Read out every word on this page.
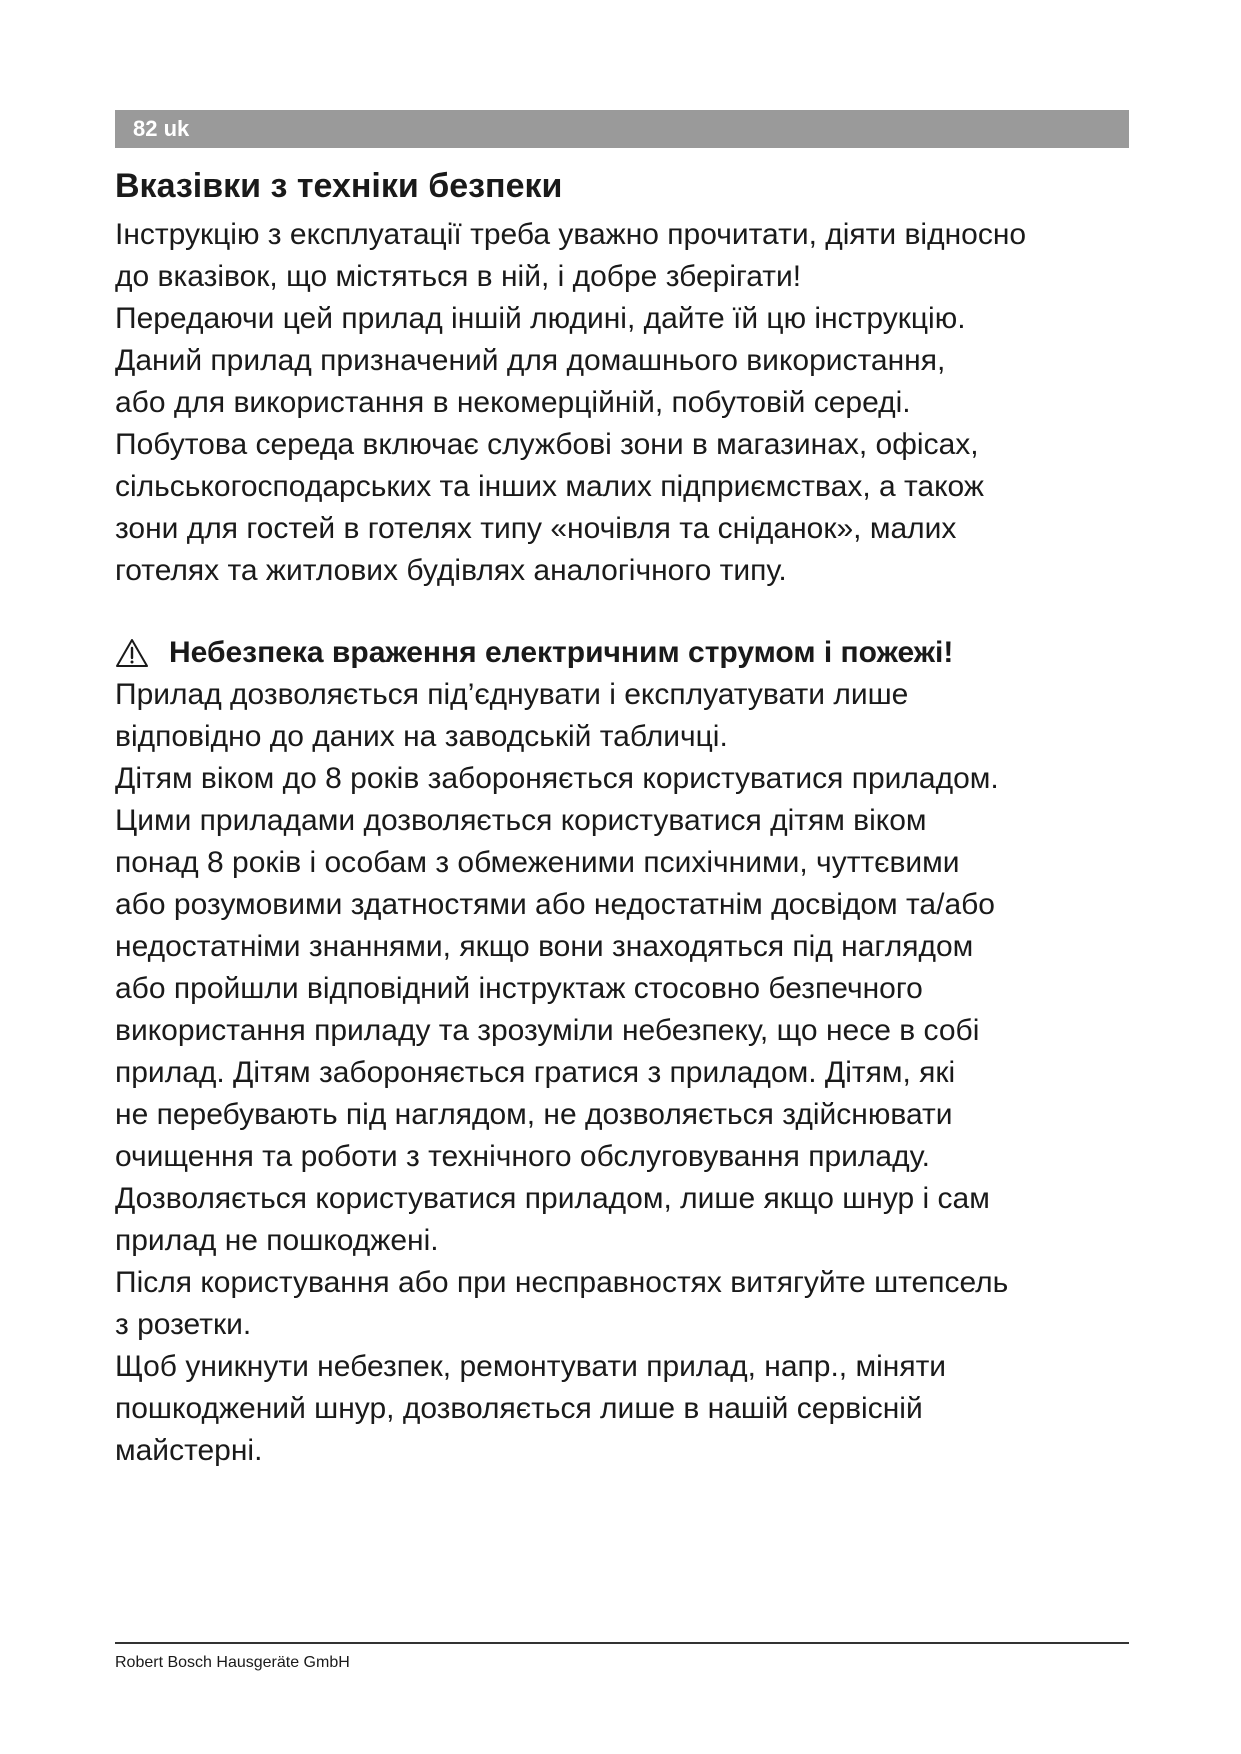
82 uk
Вказівки з техніки безпеки

Інструкцію з експлуатації треба уважно прочитати, діяти відносно
до вказівок, що містяться в ній, і добре зберігати!
Передаючи цей прилад іншій людині, дайте їй цю інструкцію.
Даний прилад призначений для домашнього використання,
або для використання в некомерційній, побутовій середі.
Побутова середа включає службові зони в магазинах, офісах,
сільськогосподарських та інших малих підприємствах, а також
зони для гостей в готелях типу «ночівля та сніданок», малих
готелях та житлових будівлях аналогічного типу.

Небезпека враження електричним струмом і пожежі!

Прилад дозволяється під’єднувати і експлуатувати лише
відповідно до даних на заводській табличці.
Дітям віком до 8 років забороняється користуватися приладом.
Цими приладами дозволяється користуватися дітям віком
понад 8 років і особам з обмеженими психічними, чуттєвими
або розумовими здатностями або недостатнім досвідом та/або
недостатніми знаннями, якщо вони знаходяться під наглядом
або пройшли відповідний інструктаж стосовно безпечного
використання приладу та зрозуміли небезпеку, що несе в собі
прилад. Дітям забороняється гратися з приладом. Дітям, які
не перебувають під наглядом, не дозволяється здійснювати
очищення та роботи з технічного обслуговування приладу.
Дозволяється користуватися приладом, лише якщо шнур і сам
прилад не пошкоджені.
Після користування або при несправностях витягуйте штепсель
з розетки.
Щоб уникнути небезпек, ремонтувати прилад, напр., міняти
пошкоджений шнур, дозволяється лише в нашій сервісній
майстерні.

Robert Bosch Hausgeräte GmbH
